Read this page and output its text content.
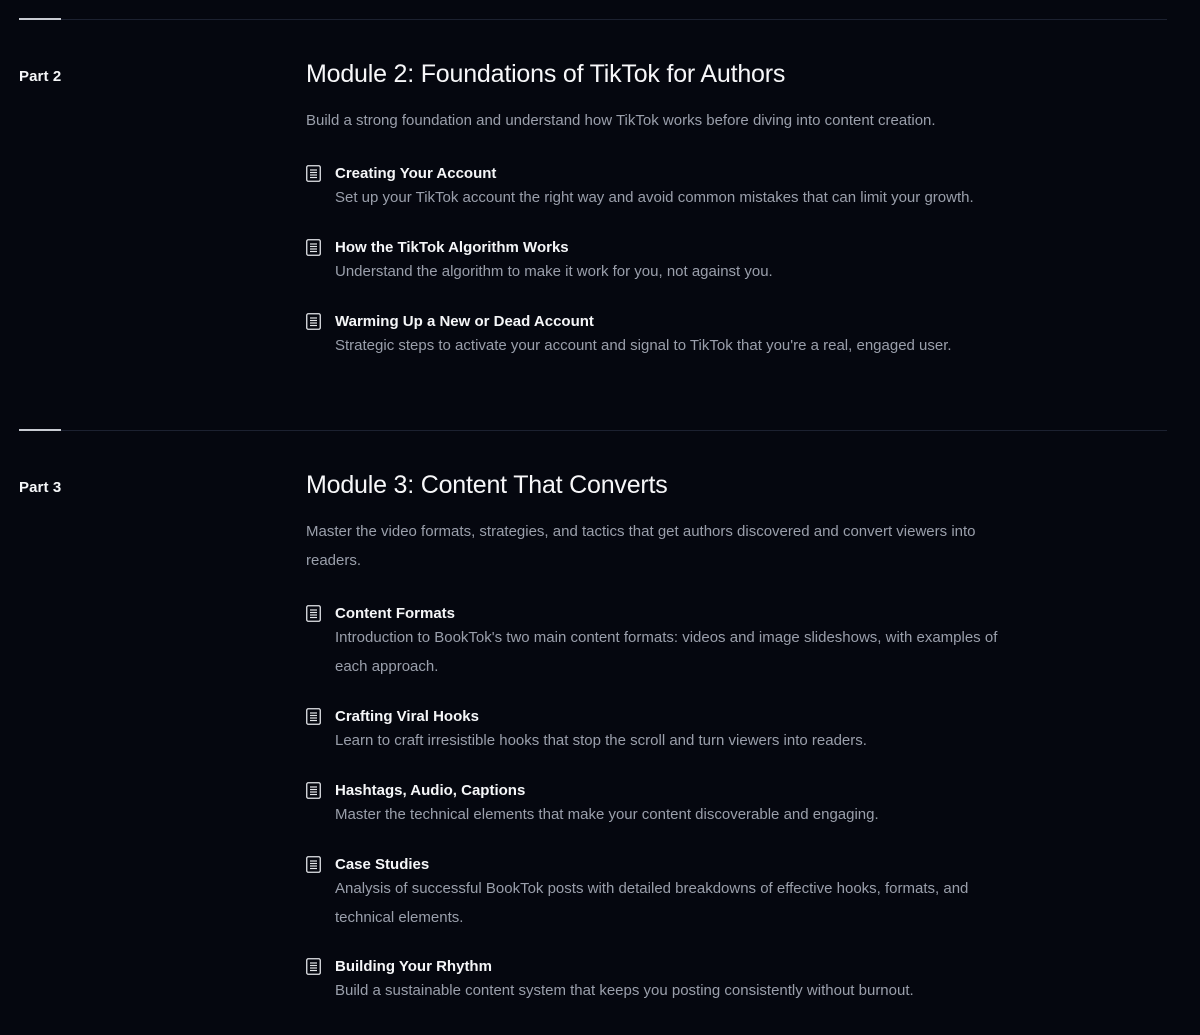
Part 2	Module 2: Foundations of TikTok for Authors

Build a strong foundation and understand how TikTok works before diving into content creation.

Creating Your Account

Set up your TikTok account the right way and avoid common mistakes that can limit your growth.

How the TikTok Algorithm Works

Understand the algorithm to make it work for you, not against you.

Warming Up a New or Dead Account

Strategic steps to activate your account and signal to TikTok that you're a real, engaged user.

Part 3	Module 3: Content That Converts

Master the video formats, strategies, and tactics that get authors discovered and convert viewers into readers.

Content Formats

Introduction to BookTok's two main content formats: videos and image slideshows, with examples of each approach.

Crafting Viral Hooks

Learn to craft irresistible hooks that stop the scroll and turn viewers into readers.

Hashtags, Audio, Captions

Master the technical elements that make your content discoverable and engaging.

Case Studies

Analysis of successful BookTok posts with detailed breakdowns of effective hooks, formats, and technical elements.

Building Your Rhythm

Build a sustainable content system that keeps you posting consistently without burnout.
